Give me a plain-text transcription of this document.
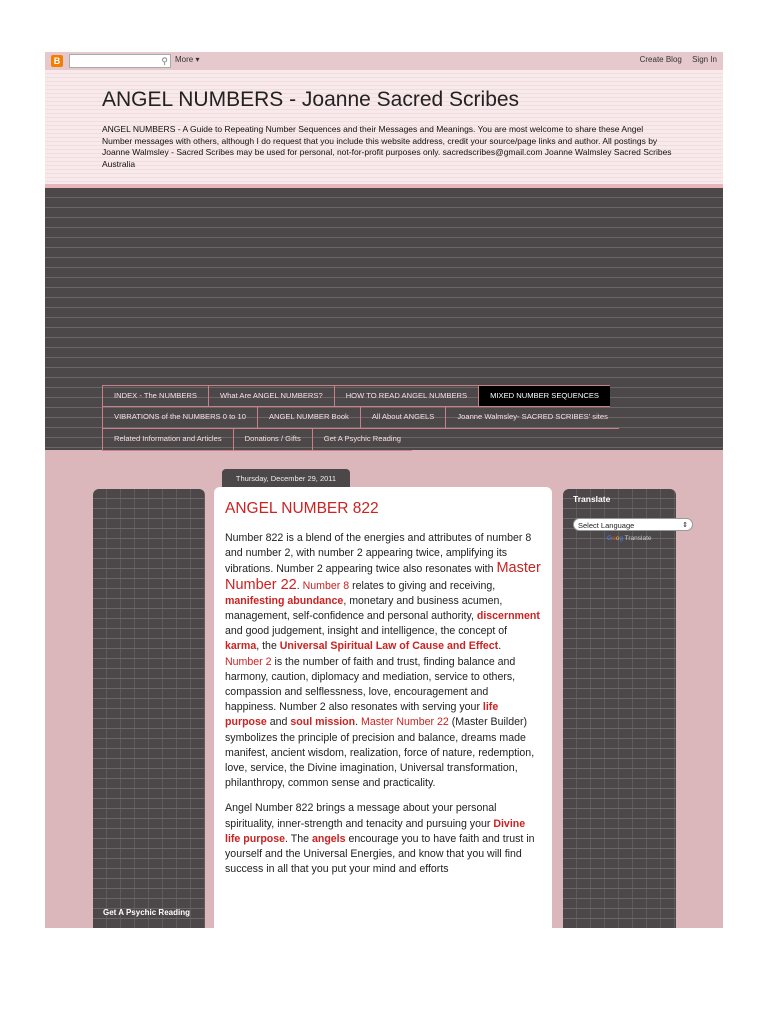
B	⚲ More ▾	Create Blog Sign In
ANGEL NUMBERS - Joanne Sacred Scribes
ANGEL NUMBERS - A Guide to Repeating Number Sequences and their Messages and Meanings. You are most welcome to share these Angel Number messages with others, although I do request that you include this website address, credit your source/page links and author. All postings by Joanne Walmsley - Sacred Scribes may be used for personal, not-for-profit purposes only. sacredscribes@gmail.com Joanne Walmsley Sacred Scribes Australia
INDEX - The NUMBERS	What Are ANGEL NUMBERS?	HOW TO READ ANGEL NUMBERS	MIXED NUMBER SEQUENCES
VIBRATIONS of the NUMBERS 0 to 10	ANGEL NUMBER Book	All About ANGELS	Joanne Walmsley- SACRED SCRIBES' sites
Related Information and Articles	Donations / Gifts	Get A Psychic Reading
Get A Psychic Reading
Thursday, December 29, 2011
ANGEL NUMBER 822

Number 822 is a blend of the energies and attributes of number 8 and number 2, with number 2 appearing twice, amplifying its vibrations. Number 2 appearing twice also resonates with Master Number 22. Number 8 relates to giving and receiving, manifesting abundance, monetary and business acumen, management, self-confidence and personal authority, discernment and good judgement, insight and intelligence, the concept of karma, the Universal Spiritual Law of Cause and Effect. Number 2 is the number of faith and trust, finding balance and harmony, caution, diplomacy and mediation, service to others, compassion and selflessness, love, encouragement and happiness. Number 2 also resonates with serving your life purpose and soul mission. Master Number 22 (Master Builder) symbolizes the principle of precision and balance, dreams made manifest, ancient wisdom, realization, force of nature, redemption, love, service, the Divine imagination, Universal transformation, philanthropy, common sense and practicality.

Angel Number 822 brings a message about your personal spirituality, inner-strength and tenacity and pursuing your Divine life purpose. The angels encourage you to have faith and trust in yourself and the Universal Energies, and know that you will find success in all that you put your mind and efforts

Translate
Select Language	⇕
Goog Translate
